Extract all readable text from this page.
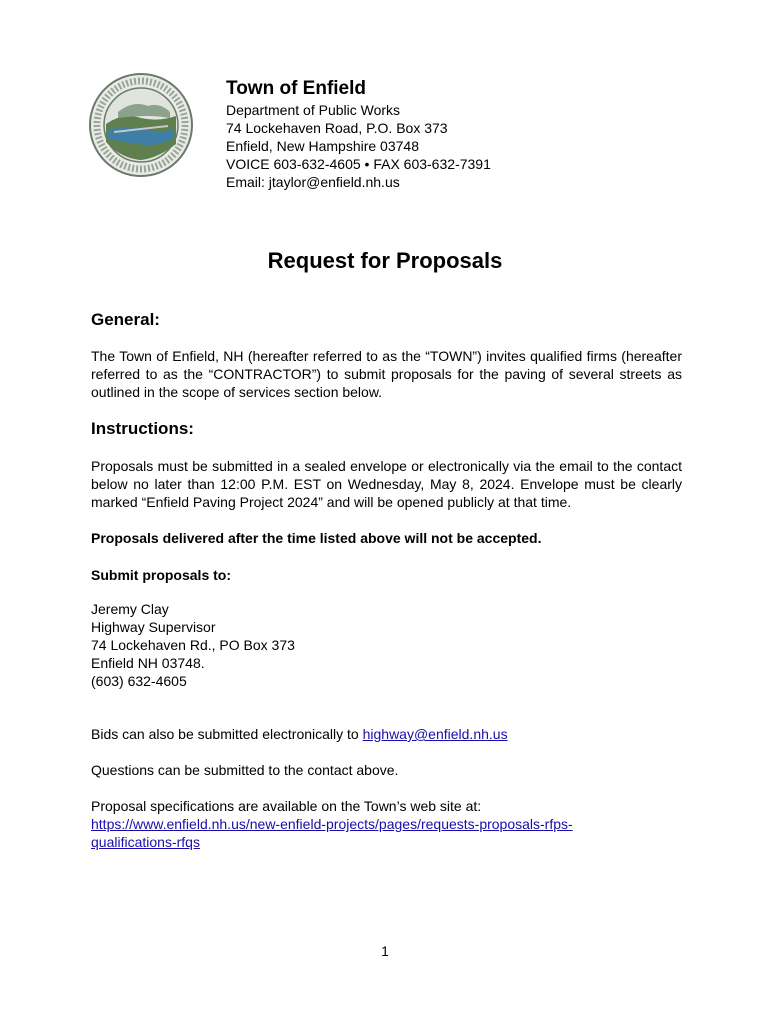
Town of Enfield
Department of Public Works
74 Lockehaven Road, P.O. Box 373
Enfield, New Hampshire 03748
VOICE 603-632-4605 • FAX 603-632-7391
Email: jtaylor@enfield.nh.us
Request for Proposals
General:

The Town of Enfield, NH (hereafter referred to as the “TOWN”) invites qualified firms (hereafter referred to as the “CONTRACTOR”) to submit proposals for the paving of several streets as outlined in the scope of services section below.

Instructions:

Proposals must be submitted in a sealed envelope or electronically via the email to the contact below no later than 12:00 P.M. EST on Wednesday, May 8, 2024. Envelope must be clearly marked “Enfield Paving Project 2024” and will be opened publicly at that time.

Proposals delivered after the time listed above will not be accepted.

Submit proposals to:

Jeremy Clay
Highway Supervisor
74 Lockehaven Rd., PO Box 373
Enfield NH 03748.
(603) 632-4605

Bids can also be submitted electronically to highway@enfield.nh.us

Questions can be submitted to the contact above.

Proposal specifications are available on the Town’s web site at:
https://www.enfield.nh.us/new-enfield-projects/pages/requests-proposals-rfps-
qualifications-rfqs
1
